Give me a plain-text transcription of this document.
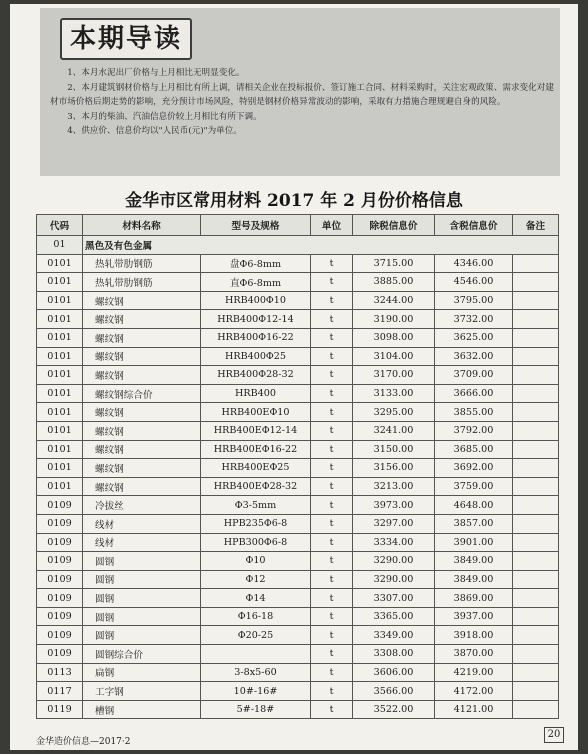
本期导读

1、本月水泥出厂价格与上月相比无明显变化。

2、本月建筑钢材价格与上月相比有所上调，请相关企业在投标报价、签订施工合同、材料采购时，关注宏观政策、需求变化对建材市场价格后期走势的影响，充分预计市场风险，特别是钢材价格异常波动的影响，采取有力措施合理规避自身的风险。

3、本月的柴油、汽油信息价较上月相比有所下调。

4、供应价、信息价均以"人民币(元)"为单位。

金华市区常用材料 2017 年 2 月份价格信息
代码	材料名称	型号及规格	单位	除税信息价	含税信息价	备注
01	黑色及有色金属					
0101	热轧带肋钢筋	盘Φ6-8mm	t	3715.00	4346.00	
0101	热轧带肋钢筋	直Φ6-8mm	t	3885.00	4546.00	
0101	螺纹钢	HRB400Φ10	t	3244.00	3795.00	
0101	螺纹钢	HRB400Φ12-14	t	3190.00	3732.00	
0101	螺纹钢	HRB400Φ16-22	t	3098.00	3625.00	
0101	螺纹钢	HRB400Φ25	t	3104.00	3632.00	
0101	螺纹钢	HRB400Φ28-32	t	3170.00	3709.00	
0101	螺纹钢综合价	HRB400	t	3133.00	3666.00	
0101	螺纹钢	HRB400EΦ10	t	3295.00	3855.00	
0101	螺纹钢	HRB400EΦ12-14	t	3241.00	3792.00	
0101	螺纹钢	HRB400EΦ16-22	t	3150.00	3685.00	
0101	螺纹钢	HRB400EΦ25	t	3156.00	3692.00	
0101	螺纹钢	HRB400EΦ28-32	t	3213.00	3759.00	
0109	冷拔丝	Φ3-5mm	t	3973.00	4648.00	
0109	线材	HPB235Φ6-8	t	3297.00	3857.00	
0109	线材	HPB300Φ6-8	t	3334.00	3901.00	
0109	圆钢	Φ10	t	3290.00	3849.00	
0109	圆钢	Φ12	t	3290.00	3849.00	
0109	圆钢	Φ14	t	3307.00	3869.00	
0109	圆钢	Φ16-18	t	3365.00	3937.00	
0109	圆钢	Φ20-25	t	3349.00	3918.00	
0109	圆钢综合价		t	3308.00	3870.00	
0113	扁钢	3-8x5-60	t	3606.00	4219.00	
0117	工字钢	10#-16#	t	3566.00	4172.00	
0119	槽钢	5#-18#	t	3522.00	4121.00	
金华造价信息—2017·2
20
